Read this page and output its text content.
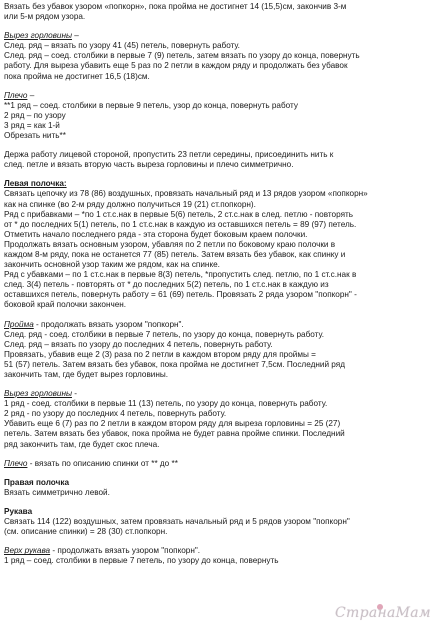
Вязать без убавок узором «попкорн», пока пройма не достигнет 14 (15,5)см, закончив 3-м

или 5-м рядом узора.

Вырез горловины –

След. ряд – вязать по узору 41 (45) петель, повернуть работу.

След. ряд – соед. столбики в первые 7 (9) петель, затем вязать по узору до конца, повернуть

работу. Для выреза убавить еще 5 раз по 2 петли в каждом ряду и продолжать без убавок

пока пройма не достигнет 16,5 (18)см.

Плечо –

**1 ряд – соед. столбики в первые 9 петель, узор до конца, повернуть работу

2 ряд – по узору

3 ряд = как 1-й

Обрезать нить**

Держа работу лицевой стороной, пропустить 23 петли середины, присоединить нить к

след. петле и вязать вторую часть выреза горловины и плечо симметрично.

Левая полочка:

Связать цепочку из 78 (86) воздушных, провязать начальный ряд и 13 рядов узором «попкорн»

как на спинке (во 2-м ряду должно получиться 19 (21) ст.попкорн).

Ряд с прибавками – *по 1 ст.с.нак в первые 5(6) петель, 2 ст.с.нак в след. петлю - повторять

от * до последних 5(1) петель, по 1 ст.с.нак в каждую из оставшихся петель = 89 (97) петель.

Отметить начало последнего ряда - эта сторона будет боковым краем полочки.

Продолжать вязать основным узором, убавляя по 2 петли по боковому краю полочки в

каждом 8-м ряду, пока не останется 77 (85) петель. Затем вязать без убавок, как спинку и

закончить основной узор таким же рядом, как на спинке.

Ряд с убавками – по 1 ст.с.нак в первые 8(3) петель, *пропустить след. петлю, по 1 ст.с.нак в

след. 3(4) петель - повторять от * до последних 5(2) петель, по 1 ст.с.нак в каждую из

оставшихся петель, повернуть работу = 61 (69) петель. Провязать 2 ряда узором "попкорн" -

боковой край полочки закончен.

Пройма - продолжать вязать узором "попкорн".

След. ряд - соед. столбики в первые 7 петель, по узору до конца, повернуть работу.

След. ряд – вязать по узору до последних 4 петель, повернуть работу.

Провязать, убавив еще 2 (3) раза по 2 петли в каждом втором ряду для проймы =

51 (57) петель. Затем вязать без убавок, пока пройма не достигнет 7,5см. Последний ряд

закончить там, где будет вырез горловины.

Вырез горловины -

1 ряд - соед. столбики в первые 11 (13) петель, по узору до конца, повернуть работу.

2 ряд - по узору до последних 4 петель, повернуть работу.

Убавить еще 6 (7) раз по 2 петли в каждом втором ряду для выреза горловины = 25 (27)

петель. Затем вязать без убавок, пока пройма не будет равна пройме спинки. Последний

ряд закончить там, где будет скос плеча.

Плечо - вязать по описанию спинки от ** до **

Правая полочка

Вязать симметрично левой.

Рукава

Связать 114 (122) воздушных, затем провязать начальный ряд и 5 рядов узором "попкорн"

(см. описание спинки) = 28 (30) ст.попкорн.

Верх рукава - продолжать вязать узором "попкорн".

1 ряд – соед. столбики в первые 7 петель, по узору до конца, повернуть

СтранаМам
